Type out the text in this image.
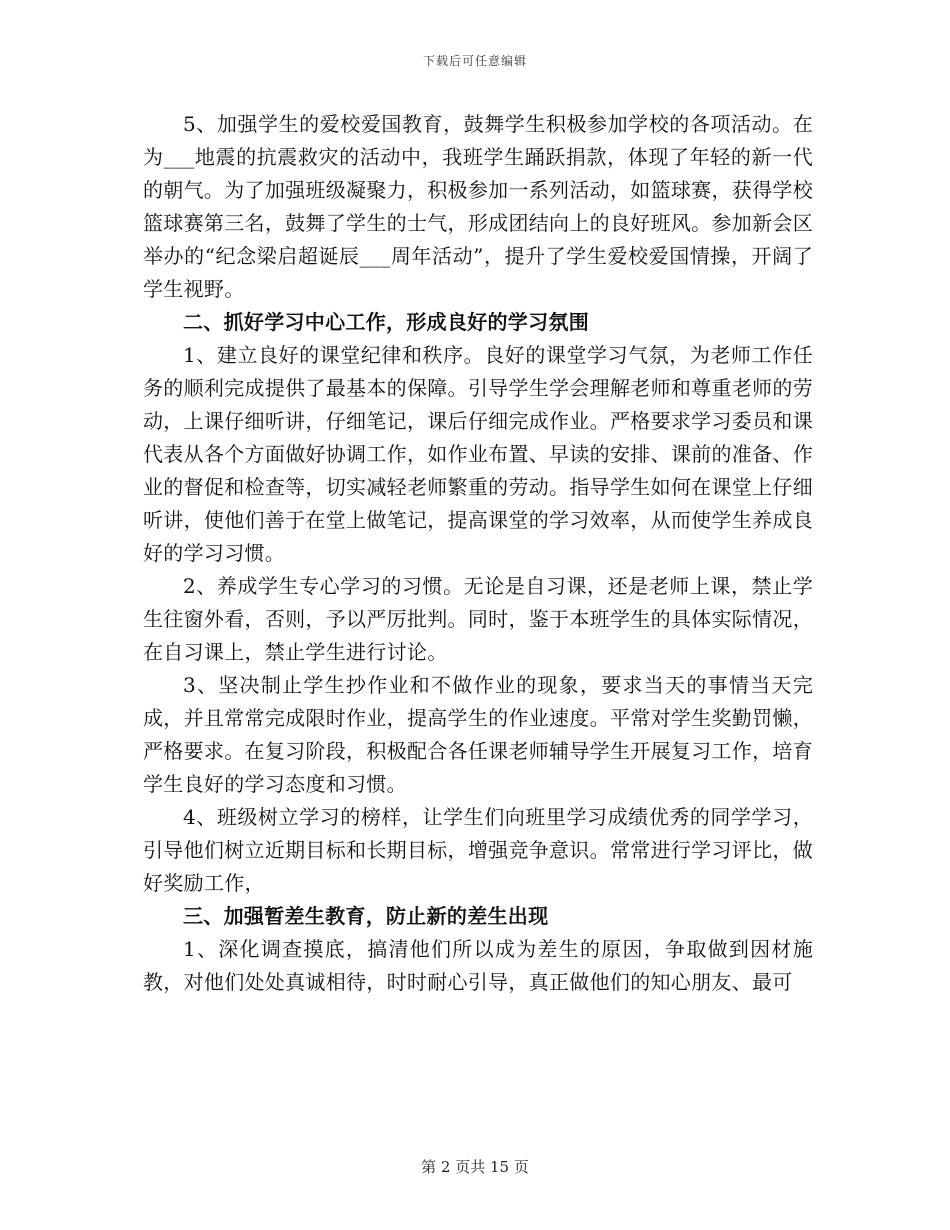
下载后可任意编辑

5、加强学生的爱校爱国教育，鼓舞学生积极参加学校的各项活动。在为___地震的抗震救灾的活动中，我班学生踊跃捐款，体现了年轻的新一代的朝气。为了加强班级凝聚力，积极参加一系列活动，如篮球赛，获得学校篮球赛第三名，鼓舞了学生的士气，形成团结向上的良好班风。参加新会区举办的“纪念梁启超诞辰___周年活动”，提升了学生爱校爱国情操，开阔了学生视野。

二、抓好学习中心工作，形成良好的学习氛围

1、建立良好的课堂纪律和秩序。良好的课堂学习气氛，为老师工作任务的顺利完成提供了最基本的保障。引导学生学会理解老师和尊重老师的劳动，上课仔细听讲，仔细笔记，课后仔细完成作业。严格要求学习委员和课代表从各个方面做好协调工作，如作业布置、早读的安排、课前的准备、作业的督促和检查等，切实减轻老师繁重的劳动。指导学生如何在课堂上仔细听讲，使他们善于在堂上做笔记，提高课堂的学习效率，从而使学生养成良好的学习习惯。

2、养成学生专心学习的习惯。无论是自习课，还是老师上课，禁止学生往窗外看，否则，予以严厉批判。同时，鉴于本班学生的具体实际情况，在自习课上，禁止学生进行讨论。

3、坚决制止学生抄作业和不做作业的现象，要求当天的事情当天完成，并且常常完成限时作业，提高学生的作业速度。平常对学生奖勤罚懒，严格要求。在复习阶段，积极配合各任课老师辅导学生开展复习工作，培育学生良好的学习态度和习惯。

4、班级树立学习的榜样，让学生们向班里学习成绩优秀的同学学习，引导他们树立近期目标和长期目标，增强竞争意识。常常进行学习评比，做好奖励工作，

三、加强暂差生教育，防止新的差生出现

1、深化调查摸底，搞清他们所以成为差生的原因，争取做到因材施教，对他们处处真诚相待，时时耐心引导，真正做他们的知心朋友、最可

第 2 页共 15 页
